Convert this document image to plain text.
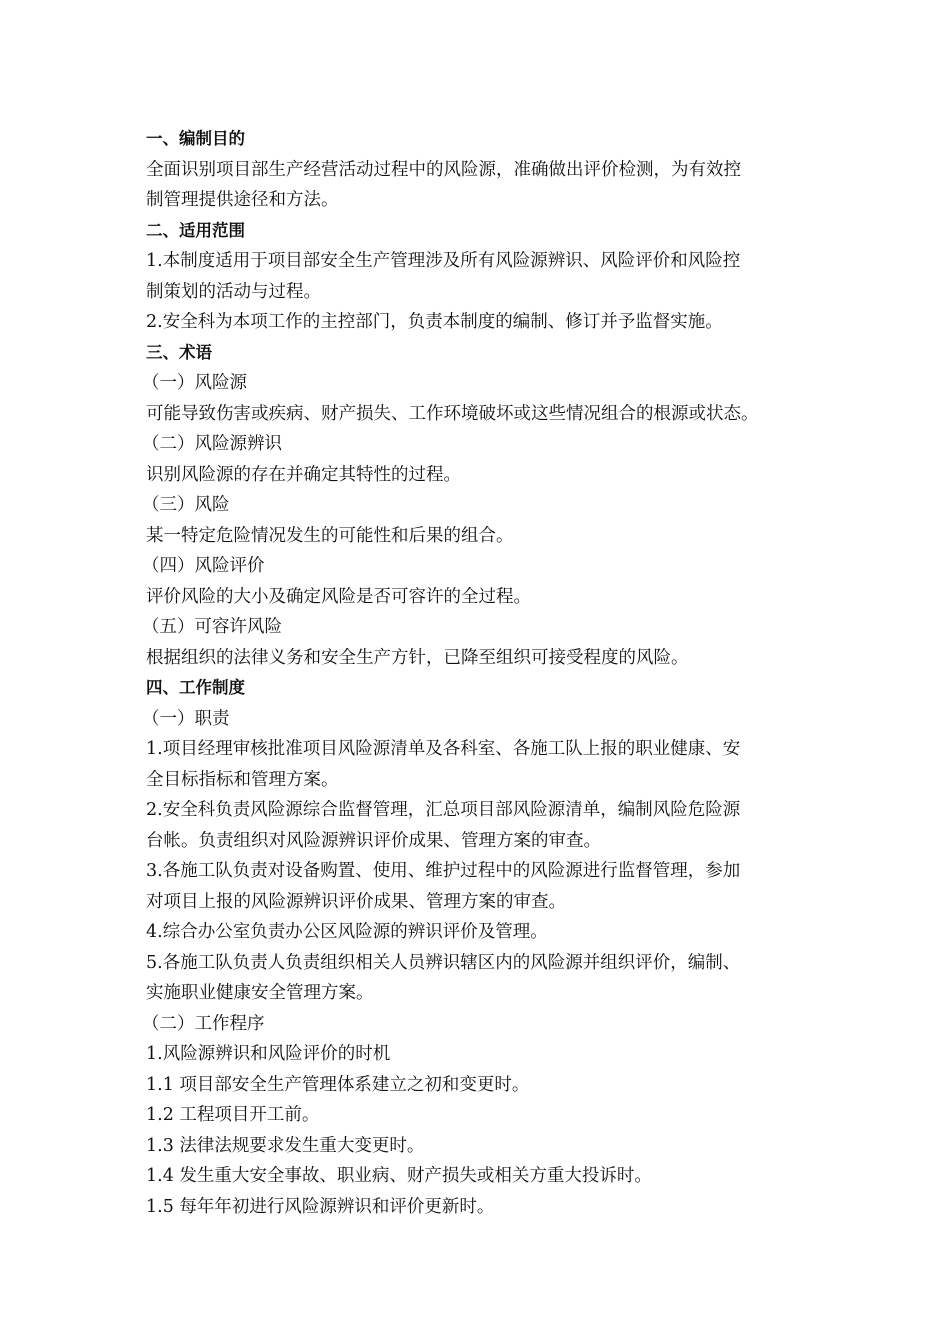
一、编制目的
全面识别项目部生产经营活动过程中的风险源，准确做出评价检测，为有效控
制管理提供途径和方法。
二、适用范围
1.本制度适用于项目部安全生产管理涉及所有风险源辨识、风险评价和风险控
制策划的活动与过程。
2.安全科为本项工作的主控部门，负责本制度的编制、修订并予监督实施。
三、术语
（一）风险源
可能导致伤害或疾病、财产损失、工作环境破坏或这些情况组合的根源或状态。
（二）风险源辨识
识别风险源的存在并确定其特性的过程。
（三）风险
某一特定危险情况发生的可能性和后果的组合。
（四）风险评价
评价风险的大小及确定风险是否可容许的全过程。
（五）可容许风险
根据组织的法律义务和安全生产方针，已降至组织可接受程度的风险。
四、工作制度
（一）职责
1.项目经理审核批准项目风险源清单及各科室、各施工队上报的职业健康、安
全目标指标和管理方案。
2.安全科负责风险源综合监督管理，汇总项目部风险源清单，编制风险危险源
台帐。负责组织对风险源辨识评价成果、管理方案的审查。
3.各施工队负责对设备购置、使用、维护过程中的风险源进行监督管理，参加
对项目上报的风险源辨识评价成果、管理方案的审查。
4.综合办公室负责办公区风险源的辨识评价及管理。
5.各施工队负责人负责组织相关人员辨识辖区内的风险源并组织评价，编制、
实施职业健康安全管理方案。
（二）工作程序
1.风险源辨识和风险评价的时机
1.1 项目部安全生产管理体系建立之初和变更时。
1.2 工程项目开工前。
1.3 法律法规要求发生重大变更时。
1.4 发生重大安全事故、职业病、财产损失或相关方重大投诉时。
1.5 每年年初进行风险源辨识和评价更新时。
